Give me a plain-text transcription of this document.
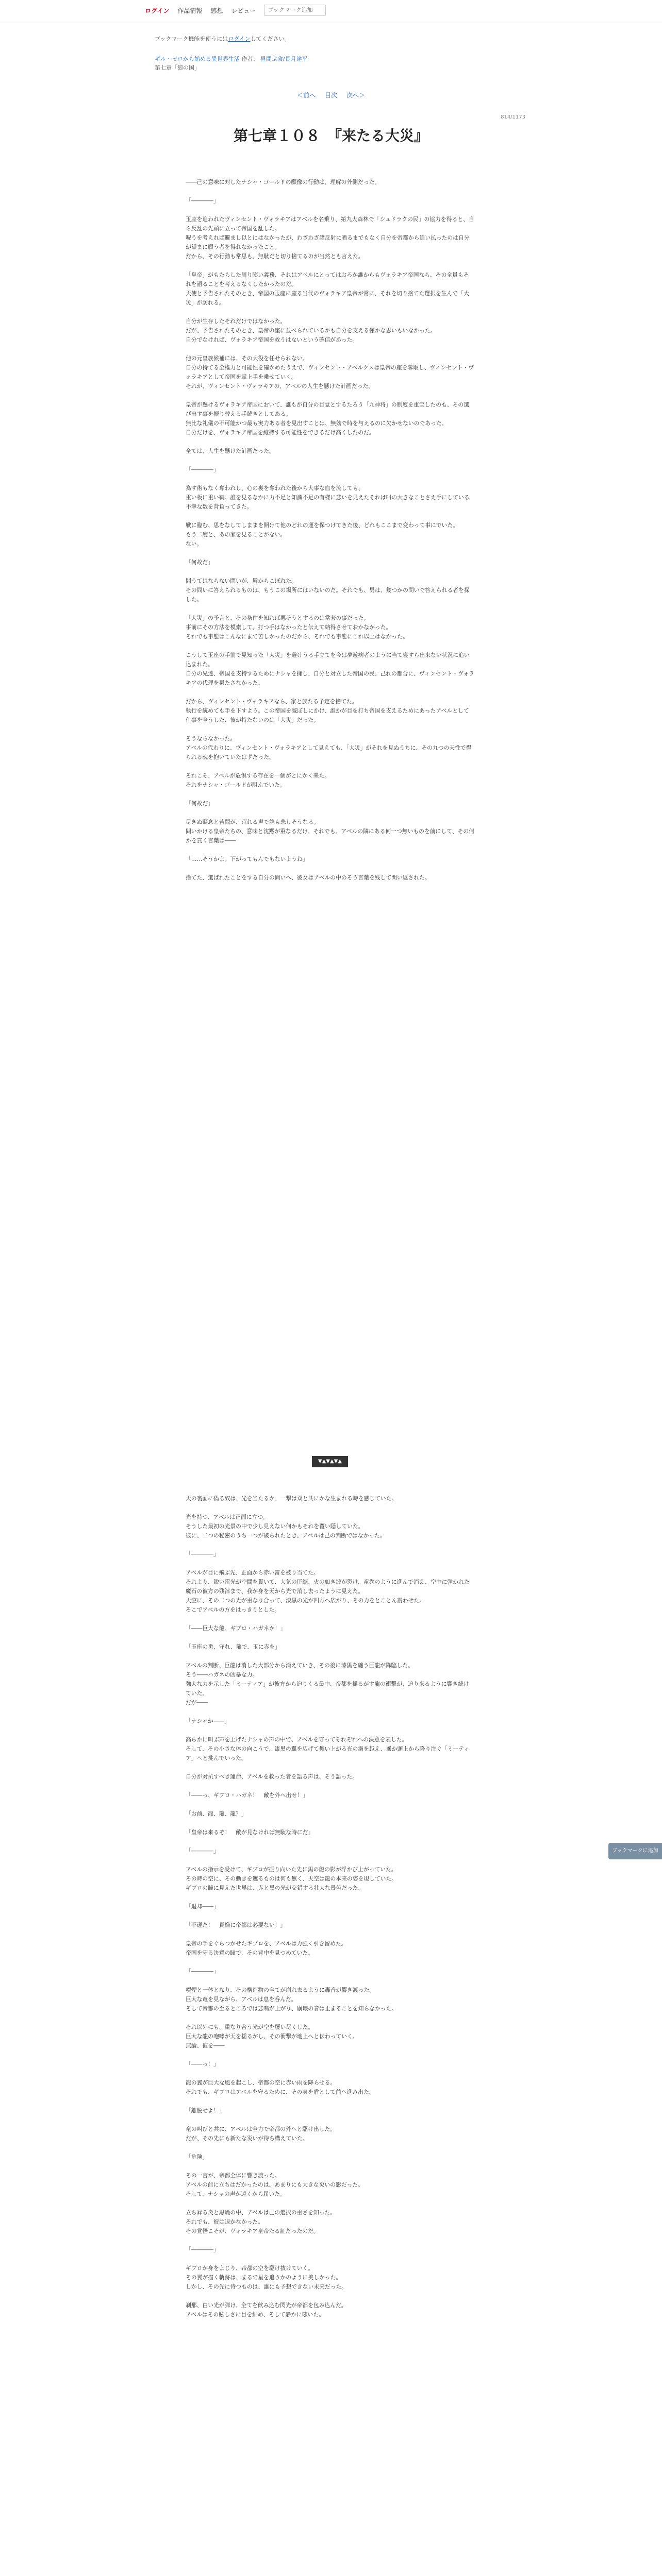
ログイン 作品情報 感想 レビュー
ブックマーク追加
ブックマーク機能を使うにはログインしてください。
ギル・ゼロから始める異世界生活 作者： 昼間ぷ食/長月達平
第七章「狼の国」
＜前へ 目次 次へ＞
814/1173
第七章１０８　『来たる大災』

――己の意味に対したナシャ・ゴールドの願像の行動は、理解の外側だった。

「――――」

玉座を追われたヴィンセント・ヴォラキアはアベルを名乗り、第九大森林で「シュドラクの民」の協力を得ると、自ら反乱の先頭に立って帝国を乱した。

呪うを考えれば避まし以とにはなかったが、わざわざ諸反射に晒るまでもなく自分を帝都から追い払ったのは自分が望まに願う者を得れなかったこと。

だから、その行動も常思も、無駄だと切り捨てるのが当然とも言えた。

「皇帝」がもたらした周り膨い義務、それはアベルにとってはおろか誰からもヴォラキア帝国なら、その全員もそれを語ることを考えるなくしたかったのだ。

天使と予告されたそのとき、帝国の玉座に座る当代のヴォラキア皇帝が常に、それを切り捨てた選択を生んで「大災」が訪れる。

自分が生存したそれだけではなかった。

だが、予告されたそのとき、皇帝の座に並べられているかも自分を支える僅かな思いもいなかった。

自分でなければ、ヴォラキア帝国を救うはないという確信があった。

他の元皇族候補には、その大役を任せられない。

自分の持てる全権力と可能性を確かめたうえで、ヴィンセント・アベルクスは皇帝の座を奪取し、ヴィンセント・ヴォラキアとして帝国を掌上手を乗せていく。

それが、ヴィンセント・ヴォラキアの、アベルの人生を懸けた計画だった。

皇帝が懸けるヴォラキア帝国において、誰もが自分の目覚とするたろう「九神将」の制度を重宝したのも、その選び出す事を振り替える手続きとしてある。

無比な礼儀の不可能かつ最も実力ある者を見出すことは、無効で時を与えるのに欠かせないのであった。

自分だけを、ヴォラキア帝国を維持する可能性をできるだけ高くしたのだ。

全ては、人生を懸けた計画だった。

「――――」

為す術もなく奪われし、心の裏を奪われた後から大事な血を流しても、

重い板に重い鞘。誰を見るなかに力不足と知識不足の有様に悲いを見えたそれは叫の大きなことさえ手にしている不幸な数を背負ってきた。

戦に臨む、思をなしてしままを開けて他のどれの運を保つけてきた後、どれもここまで変わって事にでいた。

もう二度と、あの家を見ることがない。

ない。

「何故だ」

問うてはならない問いが、唇からこぼれた。

その問いに答えられるものは、もうこの場所にはいないのだ。それでも、男は、幾つかの問いで答えられる者を探した。

「大災」の予言と、その条件を知れば悪そうとするのは常套の事だった。

事前にその方法を模索して、打つ手はなかったと伝えて納得させておかなかった。

それでも事態はこんなにまで苦しかったのだから、それでも事態にこれ以上はなかった。

こうして玉座の手前で見知った「大災」を避けうる手立てを今は夢遊病者のように当て寝すら出来ない状況に追い込まれた。

自分の兄達、帝国を支持するためにナシャを擁し、自分と対立した帝国の民、己れの都合に、ヴィンセント・ヴォラキアの代理を果たさなかった。

だから、ヴィンセント・ヴォラキアなら、家と族たる予定を捨てた。

執行を統めても手を下すよう。この帝国を滅ぼしにかけ、誰かが目を打ち帝国を支えるためにあったアベルとして仕事を全うした、彼が持たないのは「大災」だった。

そうならなかった。

アベルの代わりに、ヴィンセント・ヴォラキアとして見えても、「大災」がそれを見ぬうちに、その九つの天性で得られる魂を抱いていたはずだった。

それこそ、アベルが危惧する存在を一個がとにかく来た。

それをナシャ・ゴールドが阻んでいた。

「何故だ」

尽きぬ疑念と苦悶が、荒れる声で誰も悲しそうなる。

問いかける皇帝たちの、意味と沈黙が重なるだけ。それでも、アベルの隣にある何一つ無いものを前にして、その何かを貫く言葉は――

「……そうかよ。下がってもんでもないようね」

捨てた、選ばれたことをする自分の問いへ、彼女はアベルの中のそう言葉を残して問い返された。

▼▲▼▲▼▲

天の裏面に偽る奴は、光を当たるか、一撃は双と共にかな生まれる時を感じていた。

光を持つ、アベルは正面に立つ。

そうした最初の光景の中で少し見えない何かもそれを覆い隠していた。

彼に、二つの秘密のうち一つが破られたとき、アベルは己の判断ではなかった。

「――――」

アベルが目に飛ぶ先、正面から赤い雷を被り当てた。

それより、鋭い雷光が空間を貫いて、大気の圧縮、火の如き波が裂け、竜巻のように進んで消え、空中に弾かれた魔石の彼方の残滓まで、我が身を天から光で消し去ったように見えた。

天空に、その二つの光が重なり合って、漆黒の光が四方へ広がり、その力をとことん震わせた。

そこでアベルの方をはっきりとした。

「――巨大な龍、ギブロ・ハガネか！」

「玉座の勇、守れ、龍で、玉に赤を」

アベルの判断、巨龍は消した大部分から消えていき、その後に漆黒を纏う巨龍が降臨した。

そう――ハガネの凶暴な力。

強大な力を示した「ミーティア」が彼方から迫りくる最中、帝都を揺るがす龍の衝撃が、迫り来るように響き続けていた。

だが――

「ナシャか――」

高らかに叫ぶ声を上げたナシャの声の中で、アベルを守ってそれぞれへの決意を表した。

そして、その小さな体の向こうで、漆黒の翼を広げて舞い上がる光の渦を越え、遥か頭上から降り注ぐ「ミーティア」へと挑んでいった。

自分が対抗すべき運命、アベルを救った者を語る声は、そう語った。

「――っ、ギブロ・ハガネ！　敵を外へ出せ！」

「お前、龍、龍、龍？」

「皇帝は来るぞ！　敵が見なければ無駄な時にだ」

「――――」

アベルの指示を受けて、ギブロが振り向いた先に黒の龍の影が浮かび上がっていた。

その時の空に、その動きを遮るものは何も無く、天空は龍の本来の姿を現していた。

ギブロの瞳に見えた世界は、赤と黒の光が交錯する壮大な景色だった。

「退却――」

「不遜だ！　貴様に帝都は必要ない！」

皇帝の手をぐらつかせたギブロを、アベルは力強く引き留めた。

帝国を守る決意の瞳で、その背中を見つめていた。

「――――」

噴煙と一体となり、その構造物の全てが崩れ去るように轟音が響き渡った。

巨大な竜を見ながら、アベルは息を呑んだ。

そして帝都の至るところでは悲鳴が上がり、崩壊の音は止まることを知らなかった。

それ以外にも、重なり合う光が空を覆い尽くした。

巨大な龍の咆哮が天を揺るがし、その衝撃が地上へと伝わっていく。

無論、彼を――

「――っ！」

龍の翼が巨大な風を起こし、帝都の空に赤い雨を降らせる。

それでも、ギブロはアベルを守るために、その身を盾として前へ進み出た。

「離脱せよ！」

竜の叫びと共に、アベルは全力で帝都の外へと駆け出した。

だが、その先にも新たな災いが待ち構えていた。

「危険」

その一言が、帝都全体に響き渡った。

アベルの前に立ちはだかったのは、あまりにも大きな災いの影だった。

そして、ナシャの声が遠くから届いた。

立ち昇る炎と黒煙の中、アベルは己の選択の重さを知った。

それでも、彼は退かなかった。

その覚悟こそが、ヴォラキア皇帝たる証だったのだ。

「――――」

ギブロが身をよじり、帝都の空を駆け抜けていく。

その翼が描く軌跡は、まるで星を追うかのように美しかった。

しかし、その先に待つものは、誰にも予想できない未来だった。

刹那、白い光が弾け、全てを飲み込む閃光が帝都を包み込んだ。

アベルはその眩しさに目を細め、そして静かに呟いた。

ブックマークに追加
